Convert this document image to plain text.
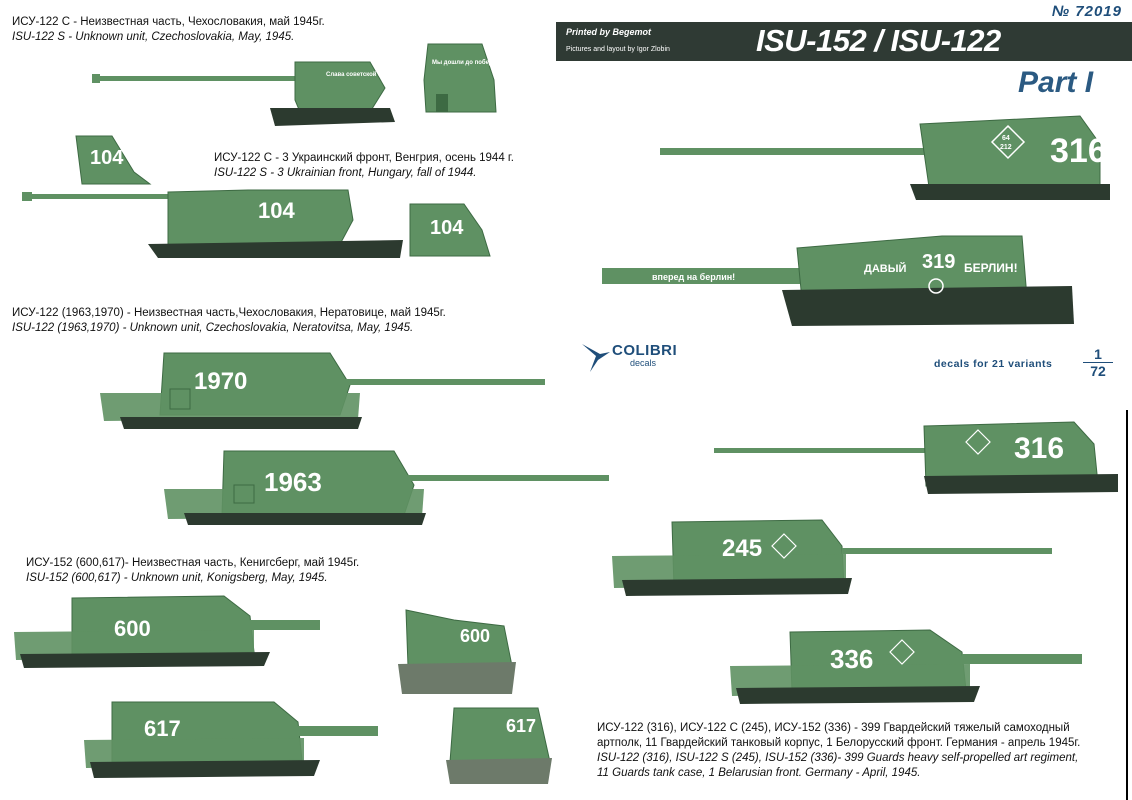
№ 72019
Printed by Begemot
Pictures and layout by Igor Zlobin	ISU-152 / ISU-122
Part I
COLIBRI
decals	decals for 21 variants
1
72
ИСУ-122 С - Неизвестная часть, Чехословакия, май 1945г.
ISU-122 S - Unknown unit, Czechoslovakia, May, 1945.
ИСУ-122 С - 3 Украинский фронт, Венгрия, осень 1944 г.
ISU-122 S - 3 Ukrainian front, Hungary, fall of 1944.
ИСУ-122 (1963,1970) - Неизвестная часть,Чехословакия, Нератовице, май 1945г.
ISU-122 (1963,1970) - Unknown unit, Czechoslovakia, Neratovitsa, May, 1945.
ИСУ-152 (600,617)- Неизвестная часть, Кенигсберг, май 1945г.
ISU-152 (600,617) - Unknown unit, Konigsberg, May, 1945.
ИСУ-122 (316), ИСУ-122 С (245), ИСУ-152 (336) - 399 Гвардейский тяжелый самоходный
артполк, 11 Гвардейский танковый корпус, 1 Белорусский фронт. Германия - апрель 1945г.
ISU-122 (316), ISU-122 S (245), ISU-152 (336)- 399 Guards heavy self-propelled art regiment,
11 Guards tank case, 1 Belarusian front. Germany - April, 1945.
Слава советской артиллерии
Мы дошли до победы
104
104
104
1970
1963
600	600
617	617
64
212 316
вперед на берлин!
ДАВЫЙ 319 БЕРЛИН!
316
245
336
